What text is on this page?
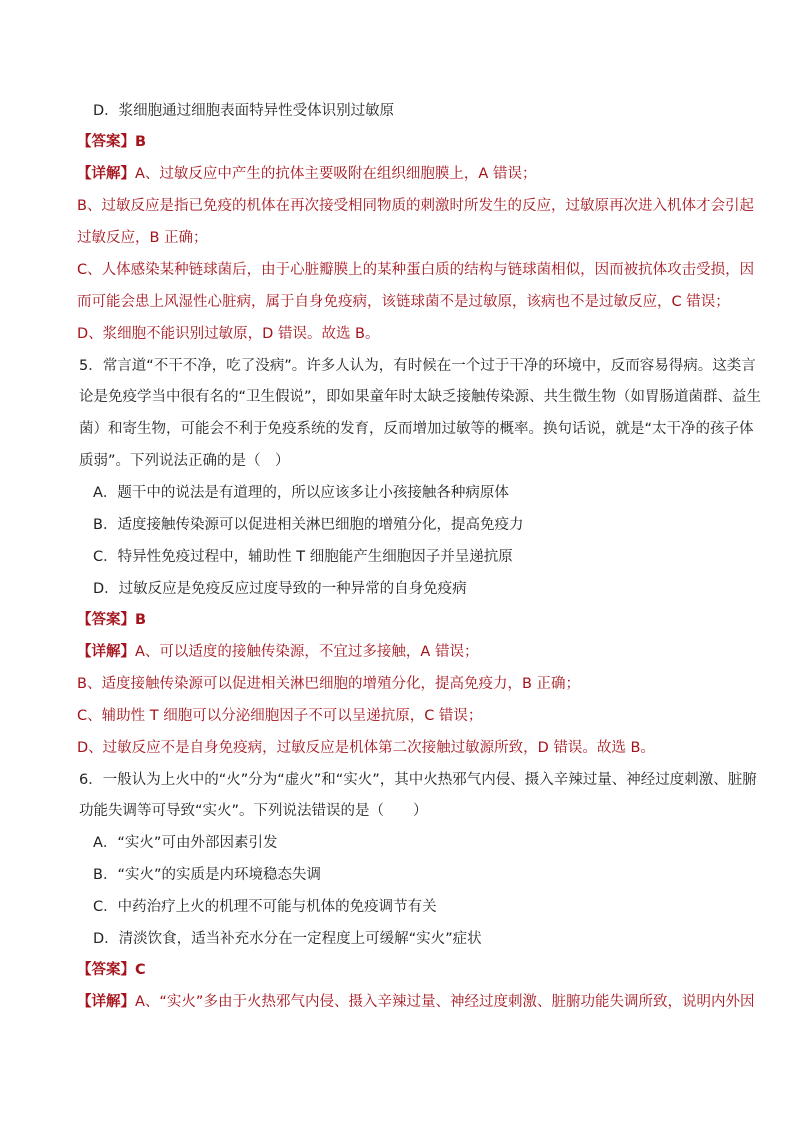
D．浆细胞通过细胞表面特异性受体识别过敏原
【答案】B
【详解】A、过敏反应中产生的抗体主要吸附在组织细胞膜上，A 错误；
B、过敏反应是指已免疫的机体在再次接受相同物质的刺激时所发生的反应，过敏原再次进入机体才会引起
过敏反应，B 正确；
C、人体感染某种链球菌后，由于心脏瓣膜上的某种蛋白质的结构与链球菌相似，因而被抗体攻击受损，因
而可能会患上风湿性心脏病，属于自身免疫病，该链球菌不是过敏原，该病也不是过敏反应，C 错误；
D、浆细胞不能识别过敏原，D 错误。故选 B。
5．常言道“不干不净，吃了没病”。许多人认为，有时候在一个过于干净的环境中，反而容易得病。这类言
论是免疫学当中很有名的“卫生假说”，即如果童年时太缺乏接触传染源、共生微生物（如胃肠道菌群、益生
菌）和寄生物，可能会不利于免疫系统的发育，反而增加过敏等的概率。换句话说，就是“太干净的孩子体
质弱”。下列说法正确的是（　）
A．题干中的说法是有道理的，所以应该多让小孩接触各种病原体
B．适度接触传染源可以促进相关淋巴细胞的增殖分化，提高免疫力
C．特异性免疫过程中，辅助性 T 细胞能产生细胞因子并呈递抗原
D．过敏反应是免疫反应过度导致的一种异常的自身免疫病
【答案】B
【详解】A、可以适度的接触传染源，不宜过多接触，A 错误；
B、适度接触传染源可以促进相关淋巴细胞的增殖分化，提高免疫力，B 正确；
C、辅助性 T 细胞可以分泌细胞因子不可以呈递抗原，C 错误；
D、过敏反应不是自身免疫病，过敏反应是机体第二次接触过敏源所致，D 错误。故选 B。
6．一般认为上火中的“火”分为“虚火”和“实火”，其中火热邪气内侵、摄入辛辣过量、神经过度刺激、脏腑
功能失调等可导致“实火”。下列说法错误的是（　　）
A．“实火”可由外部因素引发
B．“实火”的实质是内环境稳态失调
C．中药治疗上火的机理不可能与机体的免疫调节有关
D．清淡饮食，适当补充水分在一定程度上可缓解“实火”症状
【答案】C
【详解】A、“实火”多由于火热邪气内侵、摄入辛辣过量、神经过度刺激、脏腑功能失调所致，说明内外因
